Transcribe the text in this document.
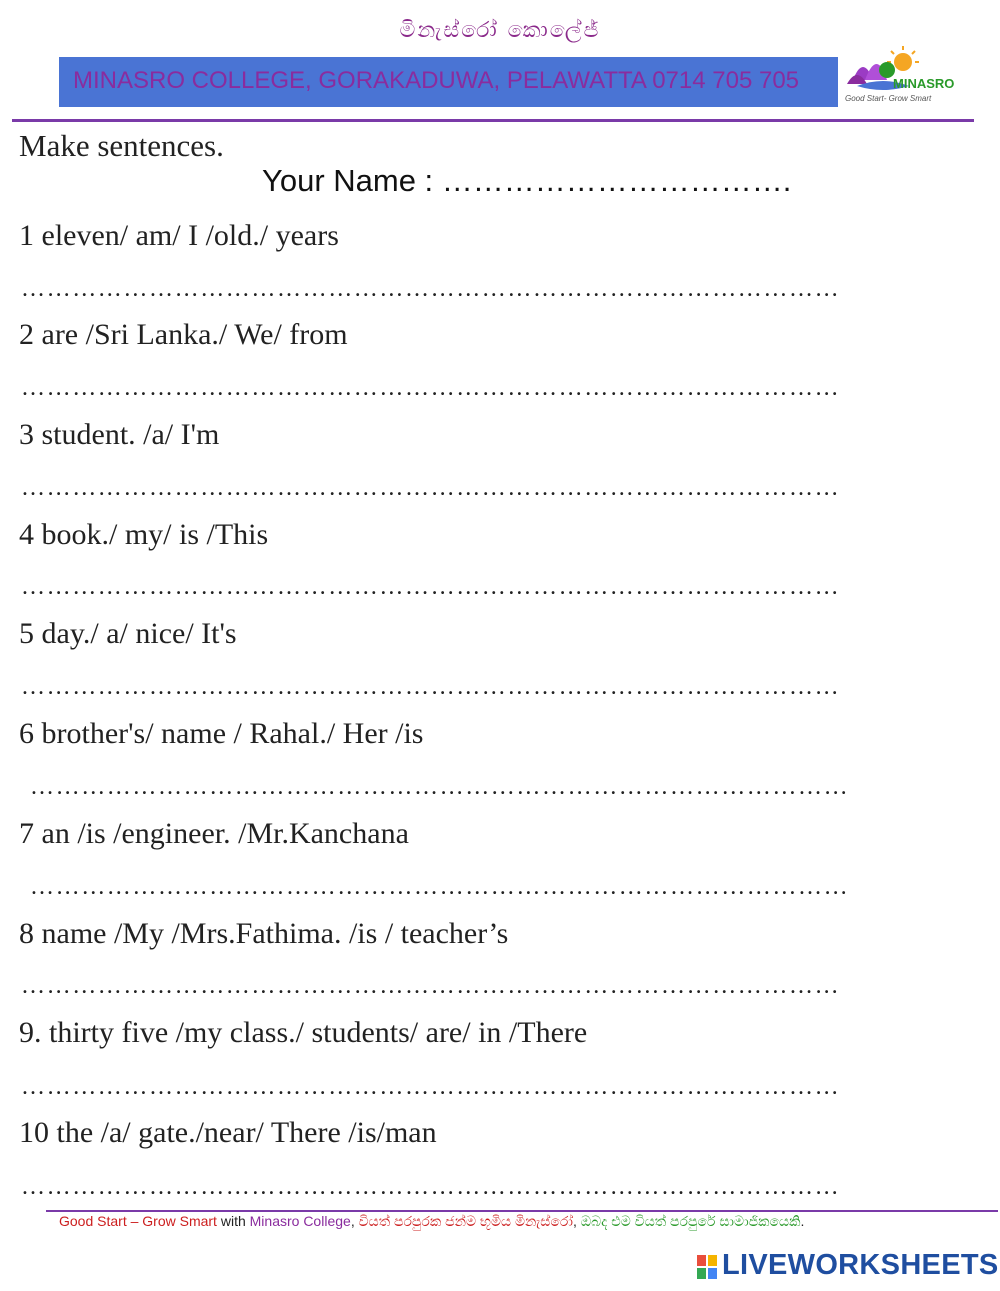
මිනැස්රෝ කොලේජ්
MINASRO COLLEGE, GORAKADUWA, PELAWATTA 0714 705 705	MINASRO
Good Start- Grow Smart
Make sentences.
Your Name : …………………………….
1 eleven/ am/ I /old./ years
……………………………………………………………………………………
2 are /Sri Lanka./ We/ from
……………………………………………………………………………………
3 student. /a/ I'm
……………………………………………………………………………………
4 book./ my/ is /This
……………………………………………………………………………………
5 day./ a/ nice/ It's
……………………………………………………………………………………
6 brother's/ name / Rahal./ Her /is
……………………………………………………………………………………
7 an /is /engineer. /Mr.Kanchana
……………………………………………………………………………………
8 name /My /Mrs.Fathima. /is / teacher’s
……………………………………………………………………………………
9. thirty five /my class./ students/ are/ in /There
……………………………………………………………………………………
10 the /a/ gate./near/ There /is/man
……………………………………………………………………………………
Good Start – Grow Smart with Minasro College, වියත් පරපුරක ජන්ම භූමිය මිනැස්රෝ, ඔබද එම වියත් පරපුරේ සාමාජිකයෙකි.
LIVEWORKSHEETS
